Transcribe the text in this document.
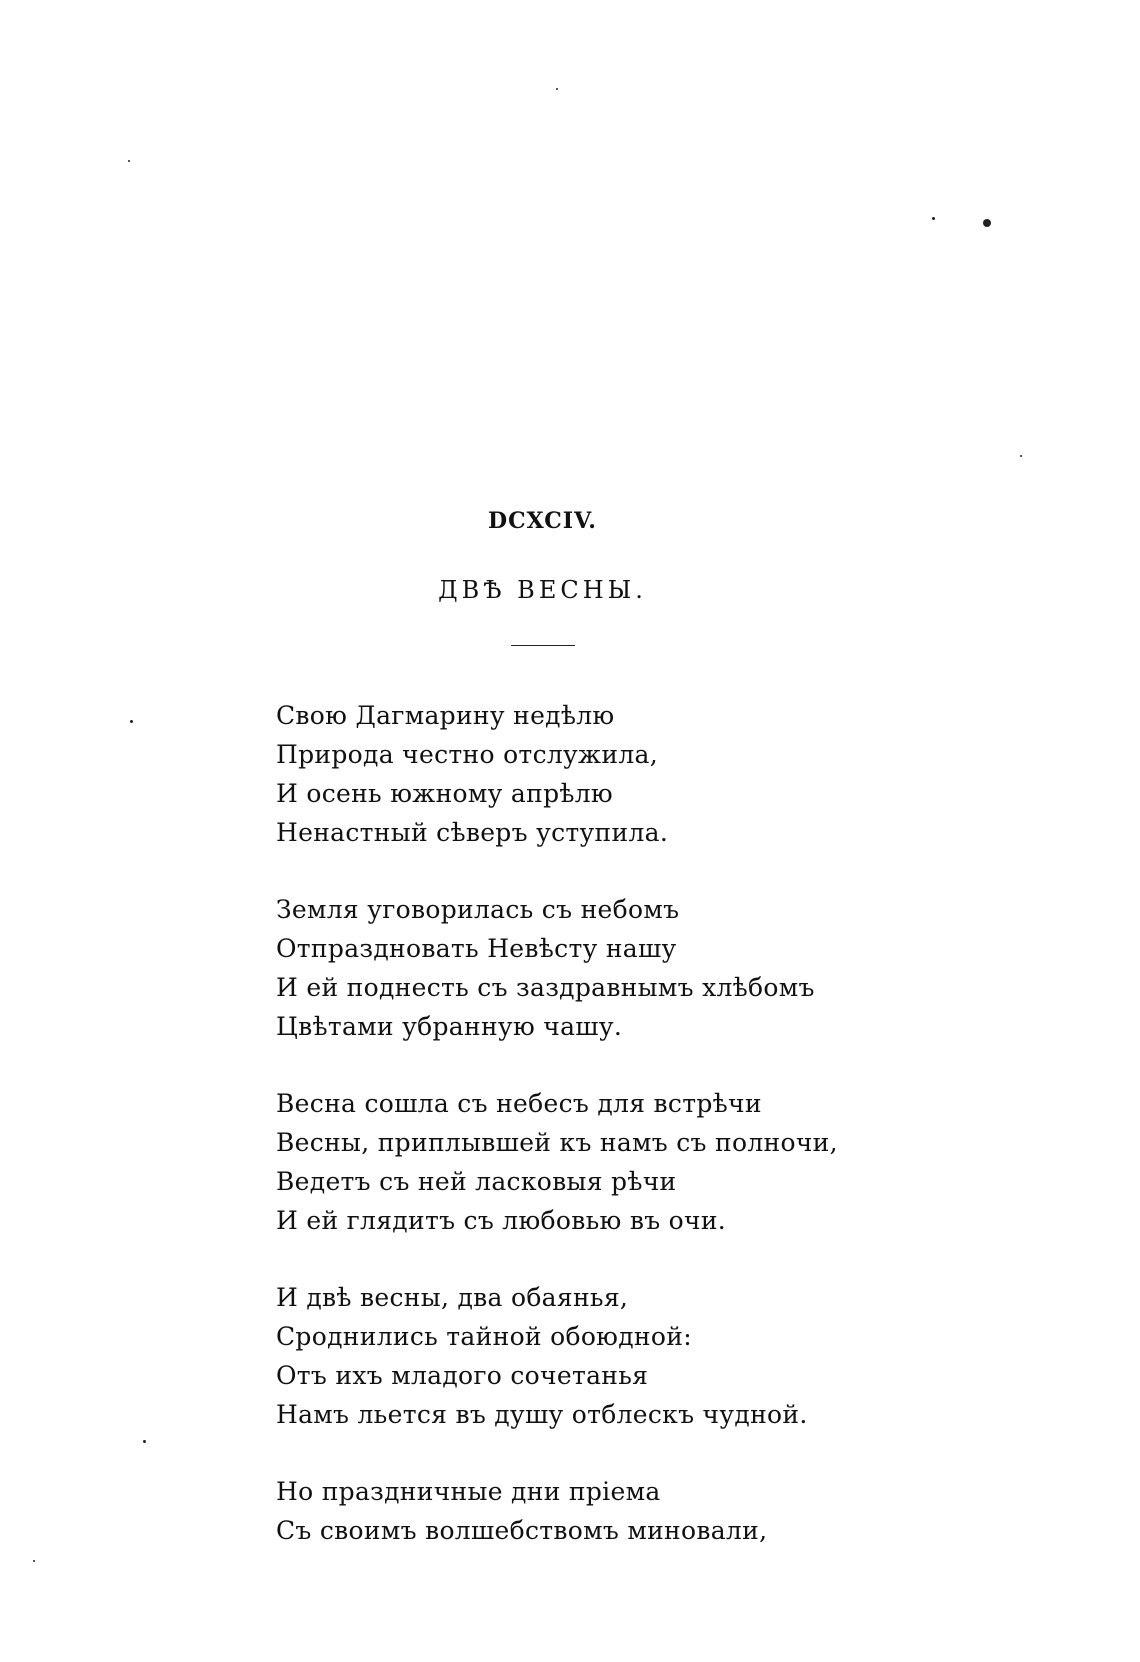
DCXCIV.
ДВѢ ВЕСНЫ.
Свою Дагмарину недѣлю
Природа честно отслужила,
И осень южному апрѣлю
Ненастный сѣверъ уступила.
Земля уговорилась съ небомъ
Отпраздновать Невѣсту нашу
И ей поднесть съ заздравнымъ хлѣбомъ
Цвѣтами убранную чашу.
Весна сошла съ небесъ для встрѣчи
Весны, приплывшей къ намъ съ полночи,
Ведетъ съ ней ласковыя рѣчи
И ей глядитъ съ любовью въ очи.
И двѣ весны, два обаянья,
Сроднились тайной обоюдной:
Отъ ихъ младого сочетанья
Намъ льется въ душу отблескъ чудной.
Но праздничные дни пріема
Съ своимъ волшебствомъ миновали,
